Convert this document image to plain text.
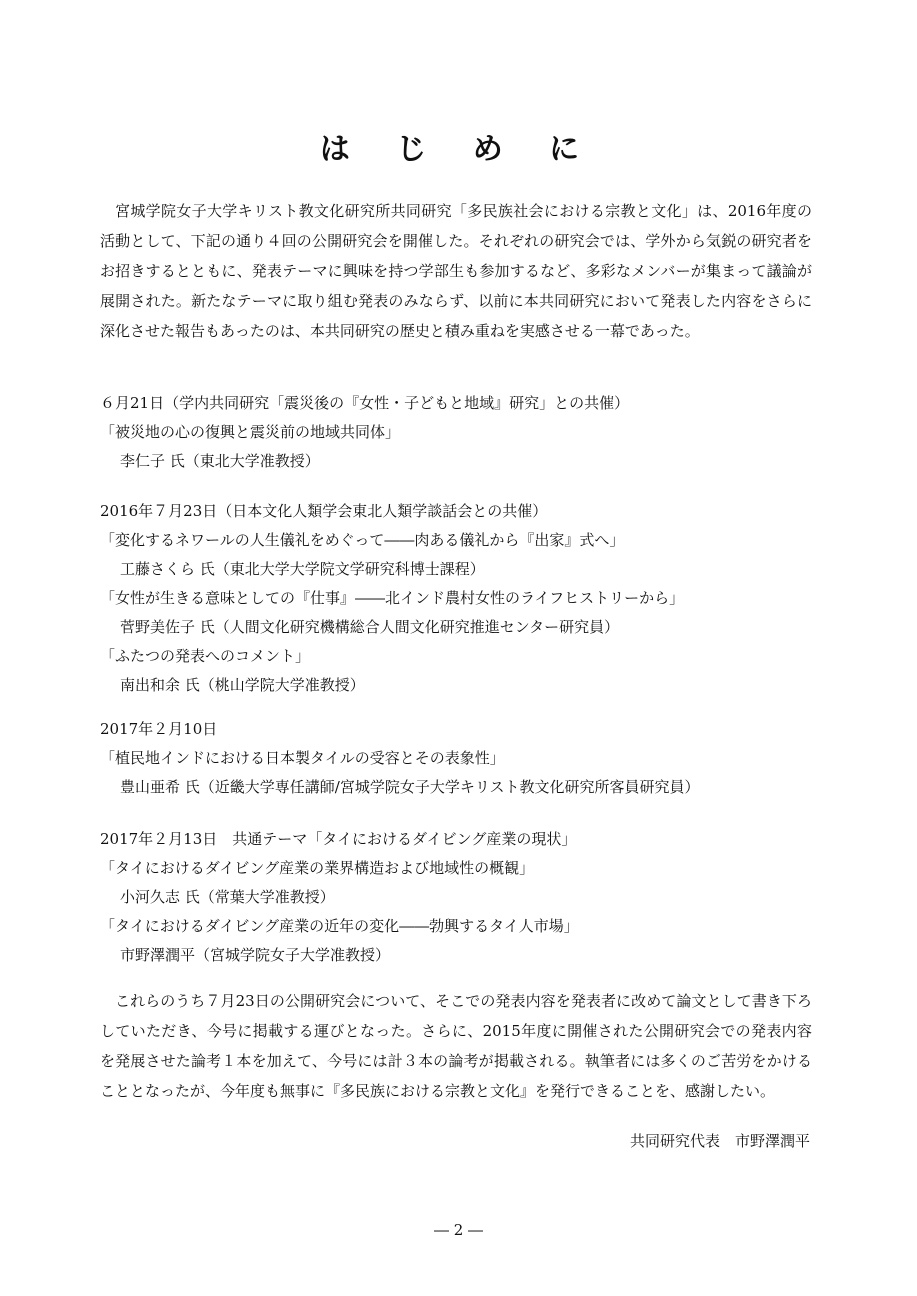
は じ め に

宮城学院女子大学キリスト教文化研究所共同研究「多民族社会における宗教と文化」は、2016年度の活動として、下記の通り４回の公開研究会を開催した。それぞれの研究会では、学外から気鋭の研究者をお招きするとともに、発表テーマに興味を持つ学部生も参加するなど、多彩なメンバーが集まって議論が展開された。新たなテーマに取り組む発表のみならず、以前に本共同研究において発表した内容をさらに深化させた報告もあったのは、本共同研究の歴史と積み重ねを実感させる一幕であった。

６月21日（学内共同研究「震災後の『女性・子どもと地域』研究」との共催）
「被災地の心の復興と震災前の地域共同体」
李仁子 氏（東北大学准教授）
2016年７月23日（日本文化人類学会東北人類学談話会との共催）
「変化するネワールの人生儀礼をめぐって――肉ある儀礼から『出家』式へ」
工藤さくら 氏（東北大学大学院文学研究科博士課程）
「女性が生きる意味としての『仕事』――北インド農村女性のライフヒストリーから」
菅野美佐子 氏（人間文化研究機構総合人間文化研究推進センター研究員）
「ふたつの発表へのコメント」
南出和余 氏（桃山学院大学准教授）
2017年２月10日
「植民地インドにおける日本製タイルの受容とその表象性」
豊山亜希 氏（近畿大学専任講師/宮城学院女子大学キリスト教文化研究所客員研究員）
2017年２月13日　共通テーマ「タイにおけるダイビング産業の現状」
「タイにおけるダイビング産業の業界構造および地域性の概観」
小河久志 氏（常葉大学准教授）
「タイにおけるダイビング産業の近年の変化――勃興するタイ人市場」
市野澤潤平（宮城学院女子大学准教授）

これらのうち７月23日の公開研究会について、そこでの発表内容を発表者に改めて論文として書き下ろしていただき、今号に掲載する運びとなった。さらに、2015年度に開催された公開研究会での発表内容を発展させた論考１本を加えて、今号には計３本の論考が掲載される。執筆者には多くのご苦労をかけることとなったが、今年度も無事に『多民族における宗教と文化』を発行できることを、感謝したい。

共同研究代表　市野澤潤平
― 2 ―
